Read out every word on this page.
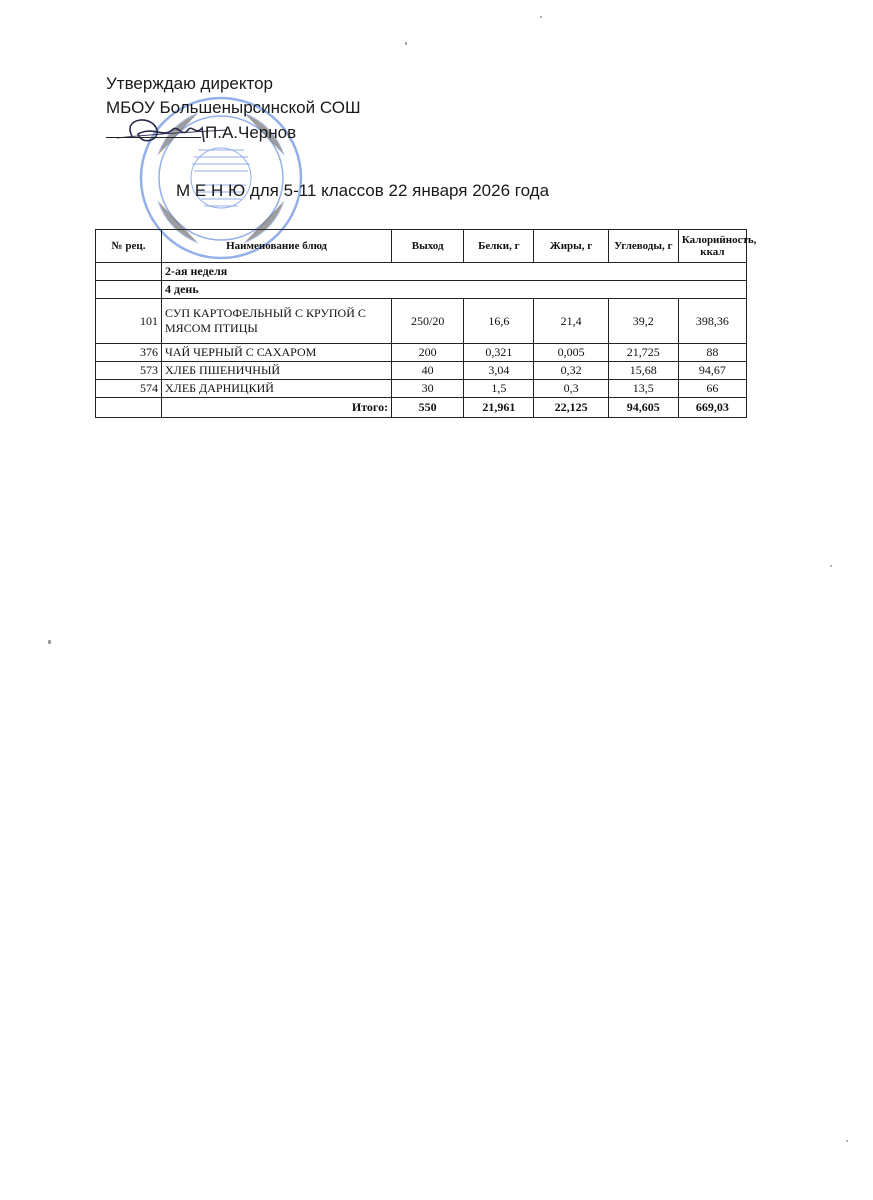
Утверждаю директор
МБОУ Большенырсинской СОШ
П.А.Чернов
М Е Н Ю для 5-11 классов 22 января 2026 года
№ рец.	Наименование блюд	Выход	Белки, г	Жиры, г	Углеводы, г	Калорийность, ккал
	2-ая неделя					
	4 день					
101	СУП КАРТОФЕЛЬНЫЙ С КРУПОЙ С МЯСОМ ПТИЦЫ	250/20	16,6	21,4	39,2	398,36
376	ЧАЙ ЧЕРНЫЙ С САХАРОМ	200	0,321	0,005	21,725	88
573	ХЛЕБ ПШЕНИЧНЫЙ	40	3,04	0,32	15,68	94,67
574	ХЛЕБ ДАРНИЦКИЙ	30	1,5	0,3	13,5	66
	Итого:	550	21,961	22,125	94,605	669,03
